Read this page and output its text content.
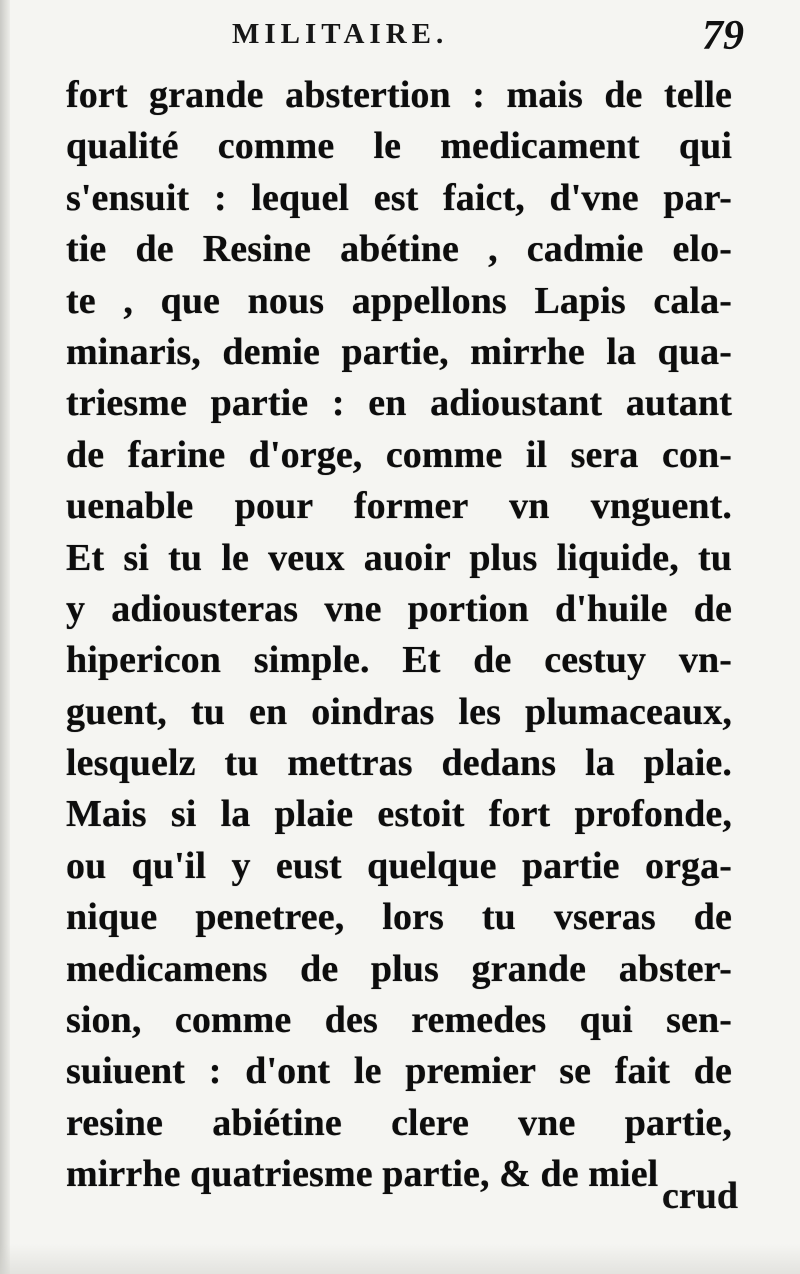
MILITAIRE.	79
fort grande abstertion : mais de telle
qualité comme le medicament qui
s'ensuit : lequel est faict, d'vne par-
tie de Resine abétine , cadmie elo-
te , que nous appellons Lapis cala-
minaris, demie partie, mirrhe la qua-
triesme partie : en adioustant autant
de farine d'orge, comme il sera con-
uenable pour former vn vnguent.
Et si tu le veux auoir plus liquide, tu
y adiousteras vne portion d'huile de
hipericon simple. Et de cestuy vn-
guent, tu en oindras les plumaceaux,
lesquelz tu mettras dedans la plaie.
Mais si la plaie estoit fort profonde,
ou qu'il y eust quelque partie orga-
nique penetree, lors tu vseras de
medicamens de plus grande abster-
sion, comme des remedes qui sen-
suiuent : d'ont le premier se fait de
resine abiétine clere vne partie,
mirrhe quatriesme partie, & de miel
crud
